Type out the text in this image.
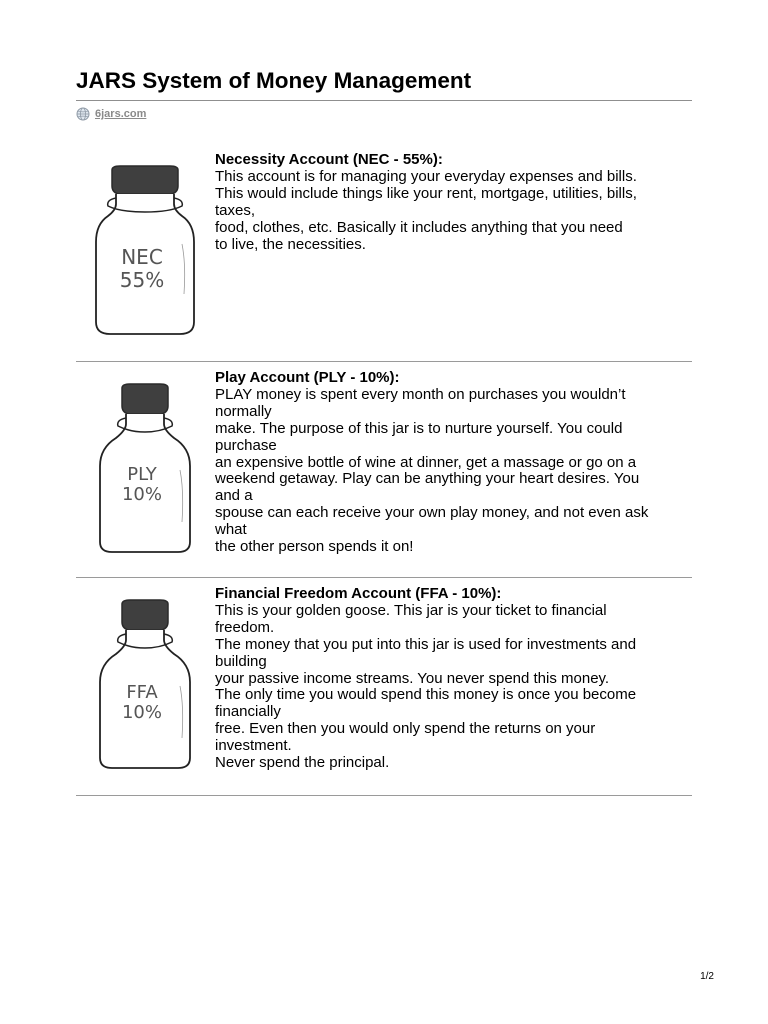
JARS System of Money Management
6jars.com
NEC
55%
Necessity Account (NEC - 55%):
This account is for managing your everyday expenses and bills.
This would include things like your rent, mortgage, utilities, bills,
taxes,
food, clothes, etc. Basically it includes anything that you need
to live, the necessities.
PLY
10%
Play Account (PLY - 10%):
PLAY money is spent every month on purchases you wouldn’t
normally
make. The purpose of this jar is to nurture yourself. You could
purchase
an expensive bottle of wine at dinner, get a massage or go on a
weekend getaway. Play can be anything your heart desires. You
and a
spouse can each receive your own play money, and not even ask
what
the other person spends it on!
FFA
10%
Financial Freedom Account (FFA - 10%):
This is your golden goose. This jar is your ticket to financial
freedom.
The money that you put into this jar is used for investments and
building
your passive income streams. You never spend this money.
The only time you would spend this money is once you become
financially
free. Even then you would only spend the returns on your
investment.
Never spend the principal.
1/2
